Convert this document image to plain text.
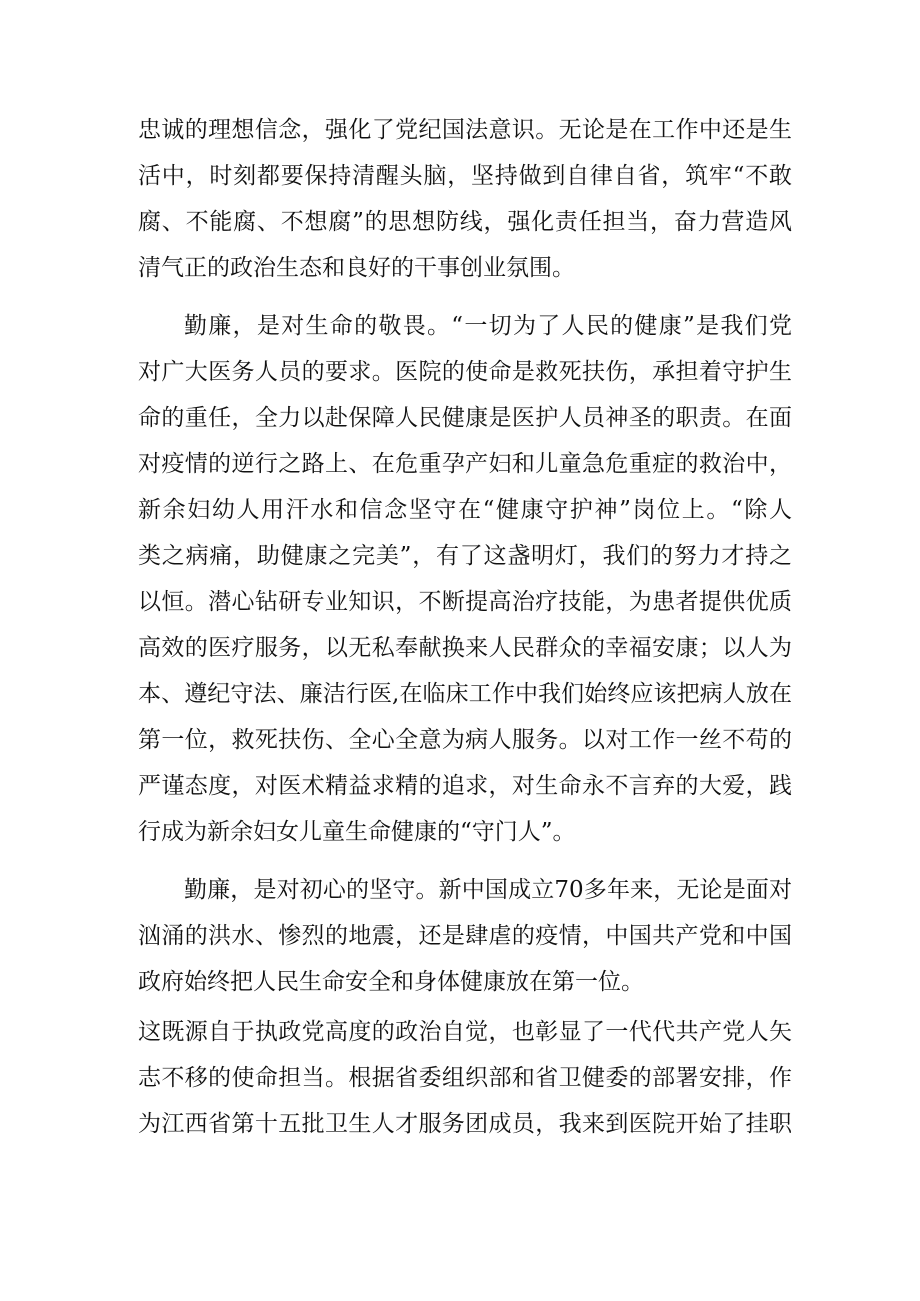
忠诚的理想信念，强化了党纪国法意识。无论是在工作中还是生
活中，时刻都要保持清醒头脑，坚持做到自律自省，筑牢“不敢
腐、不能腐、不想腐”的思想防线，强化责任担当，奋力营造风
清气正的政治生态和良好的干事创业氛围。
勤廉，是对生命的敬畏。“一切为了人民的健康”是我们党
对广大医务人员的要求。医院的使命是救死扶伤，承担着守护生
命的重任，全力以赴保障人民健康是医护人员神圣的职责。在面
对疫情的逆行之路上、在危重孕产妇和儿童急危重症的救治中，
新余妇幼人用汗水和信念坚守在“健康守护神”岗位上。“除人
类之病痛，助健康之完美”，有了这盏明灯，我们的努力才持之
以恒。潜心钻研专业知识，不断提高治疗技能，为患者提供优质
高效的医疗服务，以无私奉献换来人民群众的幸福安康；以人为
本、遵纪守法、廉洁行医,在临床工作中我们始终应该把病人放在
第一位，救死扶伤、全心全意为病人服务。以对工作一丝不苟的
严谨态度，对医术精益求精的追求，对生命永不言弃的大爱，践
行成为新余妇女儿童生命健康的“守门人”。
勤廉，是对初心的坚守。新中国成立70多年来，无论是面对
汹涌的洪水、惨烈的地震，还是肆虐的疫情，中国共产党和中国
政府始终把人民生命安全和身体健康放在第一位。
这既源自于执政党高度的政治自觉，也彰显了一代代共产党人矢
志不移的使命担当。根据省委组织部和省卫健委的部署安排，作
为江西省第十五批卫生人才服务团成员，我来到医院开始了挂职
